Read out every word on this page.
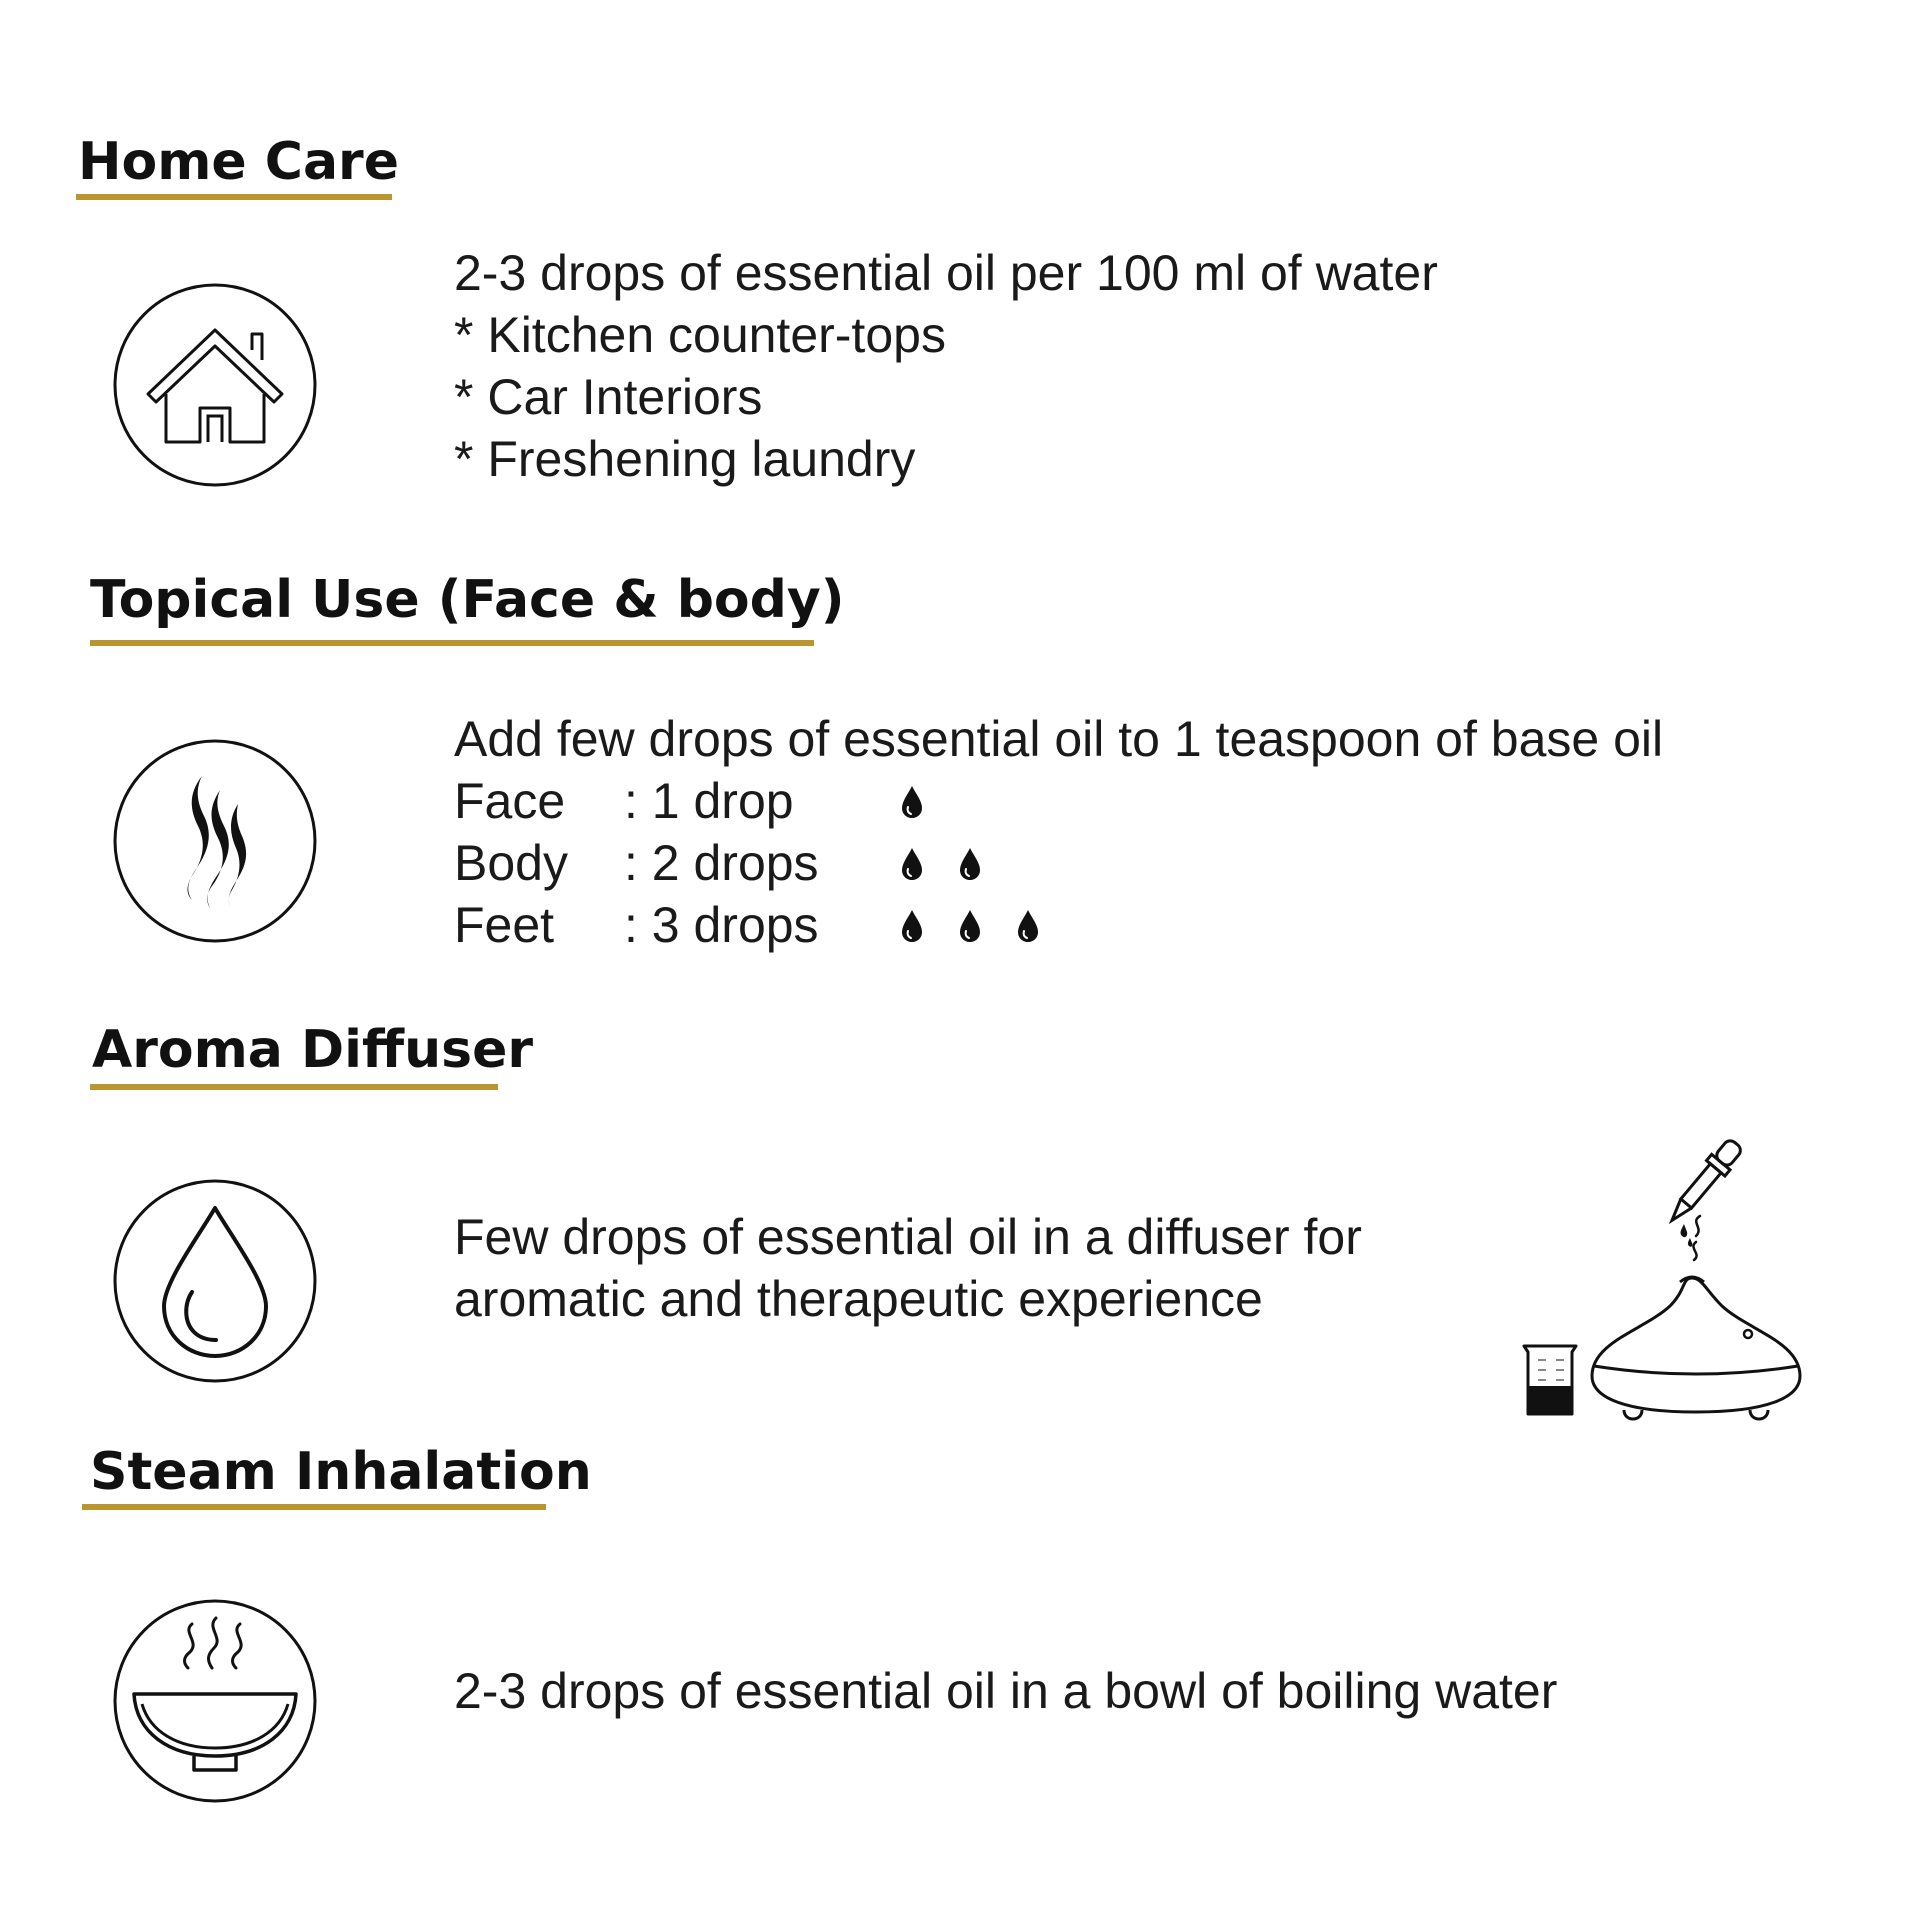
Home Care
2-3 drops of essential oil per 100 ml of water
* Kitchen counter-tops
* Car Interiors
* Freshening laundry
Topical Use (Face & body)
Add few drops of essential oil to 1 teaspoon of base oil
Face : 1 drop
Body : 2 drops
Feet : 3 drops
Aroma Diffuser
Few drops of essential oil in a diffuser for
aromatic and therapeutic experience
Steam Inhalation
2-3 drops of essential oil in a bowl of boiling water
